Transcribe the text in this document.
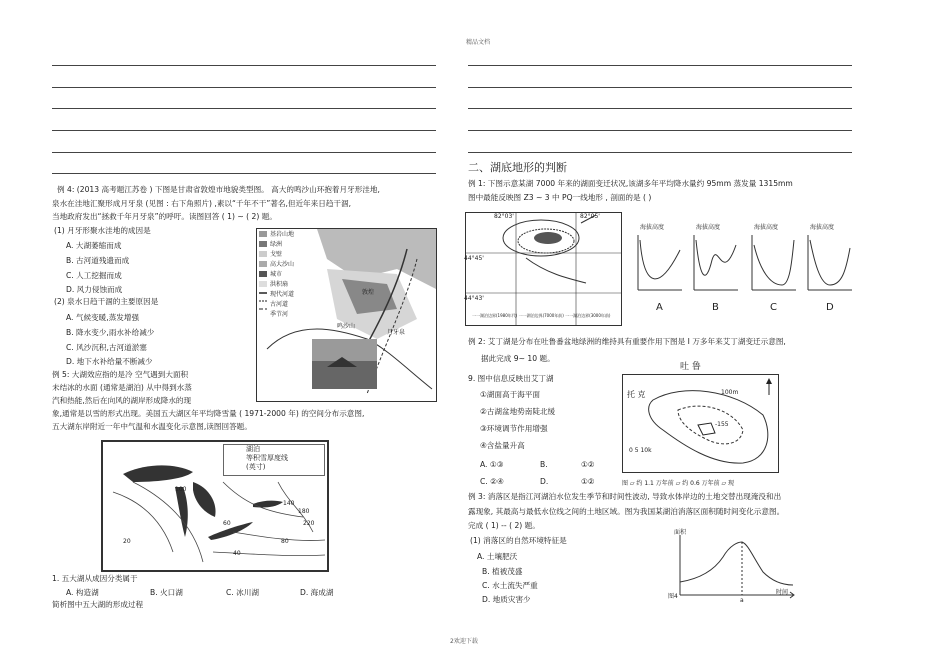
精品文档
例 4: (2013 高考题江苏卷 ) 下图是甘肃省敦煌市地貌类型图。 高大的鸣沙山环抱着月牙形洼地,
泉水在洼地汇聚形成月牙泉 (见图 : 右下角照片) ,素以“千年不干”著名,但近年来日趋干涸,
当地政府发出“拯救千年月牙泉”的呼吁。读图回答 ( 1) ~ ( 2) 题。
(1) 月牙形聚水洼地的成因是
A. 大湖萎缩而成
B. 古河道残遗而成
C. 人工挖掘而成
D. 风力侵蚀而成
(2) 泉水日趋干涸的主要原因是
A. 气候变暖,蒸发增强
B. 降水变少,雨水补给减少
C. 风沙沉积,古河道淤塞
D. 地下水补给量不断减少
基岩山地
绿洲
戈壁
高大沙山
城市
洪积扇
现代河道
古河道
季节河
敦煌
月牙泉
鸣沙山
例 5: 大湖效应指的是冷 空气遇到大面积
未结冰的水面 (通常是湖泊) 从中得到水蒸
汽和热能,然后在向风的湖岸形成降水的现
象,通常是以雪的形式出现。美国五大湖区年平均降雪量 ( 1971-2000 年) 的空间分布示意图,
五大湖东岸附近一年中气温和水温变化示意图,读图回答题。
湖泊
等积雪厚度线
(英寸)
100
140
180
220
60
80
40
20
1. 五大湖从成因分类属于
A. 构造湖	B. 火口湖	C. 冰川湖	D. 海成湖
简析图中五大湖的形成过程
二、湖底地形的判断
例 1: 下图示意某湖 7000 年来的湖面变迁状况,该湖多年平均降水量约 95mm 蒸发量 1315mm
图中最能反映图 Z3 ~ 3 中 PQ一线地形 , 剖面的是 ( )
82°03'	82°05'
44°45'
44°43'
一一湖泊边界(1980年代) 一一湖泊边界(7000年前) 一一湖泊边界(3000年前)
海拔高度	海拔高度	海拔高度	海拔高度
A	B	C	D
例 2: 艾丁湖是分布在吐鲁番盆地绿洲的维持具有重要作用下图是 I 万多年来艾丁湖变迁示意图,
据此完成 9~ 10 题。
9. 图中信息反映出艾丁湖
①湖面高于海平面
②古湖盆地势南陡北缓
③环境调节作用增强
④含盐量升高
A. ①③	B.	①②
C. ②④	D.	①②
吐 鲁
托 克	100m
-155
0 5 10k
图 ▱ 约 1.1 万年前 ▱ 约 0.6 万年前 ▱ 现
例 3: 消落区是指江河湖泊水位发生季节和时间性波动, 导致水体岸边的土地交替出现淹没和出
露现象, 其最高与最低水位线之间的土地区域。图为我国某湖泊消落区面积随时间变化示意图。
完成 ( 1) -- ( 2) 题。
(1) 消落区的自然环境特征是
A. 土壤肥沃
B. 植被茂盛
C. 水土流失严重
D. 地质灾害少
面积
时间
图4
a
2欢迎下载
